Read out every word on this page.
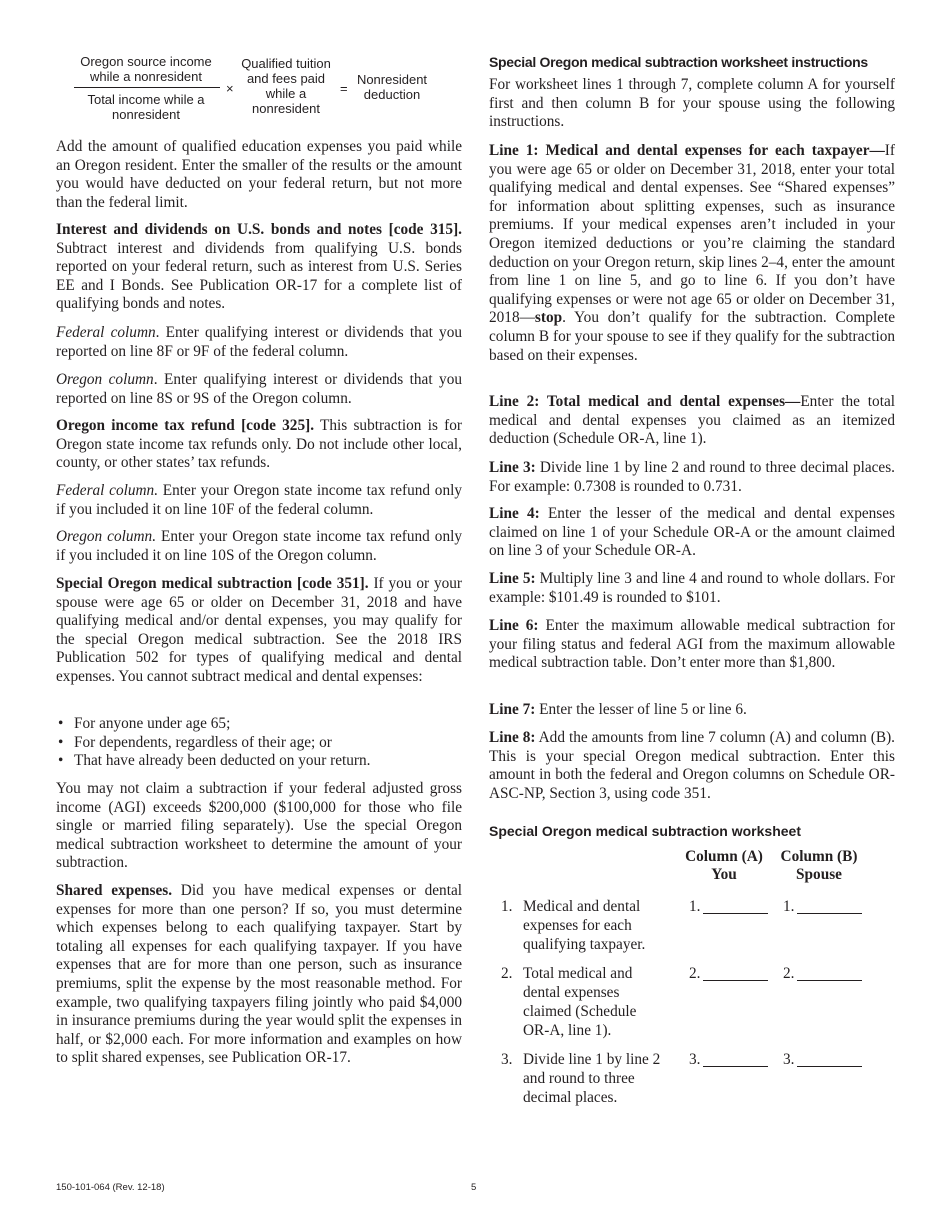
Oregon source income while a nonresident
Total income while a nonresident
×
Qualified tuition and fees paid while a nonresident
=
Nonresident deduction

Add the amount of qualified education expenses you paid while an Oregon resident. Enter the smaller of the results or the amount you would have deducted on your federal return, but not more than the federal limit.

Interest and dividends on U.S. bonds and notes [code 315]. Subtract interest and dividends from qualifying U.S. bonds reported on your federal return, such as interest from U.S. Series EE and I Bonds. See Publication OR-17 for a complete list of qualifying bonds and notes.

Federal column. Enter qualifying interest or dividends that you reported on line 8F or 9F of the federal column.

Oregon column. Enter qualifying interest or dividends that you reported on line 8S or 9S of the Oregon column.

Oregon income tax refund [code 325]. This subtraction is for Oregon state income tax refunds only. Do not include other local, county, or other states’ tax refunds.

Federal column. Enter your Oregon state income tax refund only if you included it on line 10F of the federal column.

Oregon column. Enter your Oregon state income tax refund only if you included it on line 10S of the Oregon column.

Special Oregon medical subtraction [code 351]. If you or your spouse were age 65 or older on December 31, 2018 and have qualifying medical and/or dental expenses, you may qualify for the special Oregon medical subtraction. See the 2018 IRS Publication 502 for types of qualifying medical and dental expenses. You cannot subtract medical and dental expenses:

• For anyone under age 65;
• For dependents, regardless of their age; or
• That have already been deducted on your return.

You may not claim a subtraction if your federal adjusted gross income (AGI) exceeds $200,000 ($100,000 for those who file single or married filing separately). Use the special Oregon medical subtraction worksheet to determine the amount of your subtraction.

Shared expenses. Did you have medical expenses or dental expenses for more than one person? If so, you must determine which expenses belong to each qualifying taxpayer. Start by totaling all expenses for each qualifying taxpayer. If you have expenses that are for more than one person, such as insurance premiums, split the expense by the most reasonable method. For example, two qualifying taxpayers filing jointly who paid $4,000 in insurance premiums during the year would split the expenses in half, or $2,000 each. For more information and examples on how to split shared expenses, see Publication OR-17.

Special Oregon medical subtraction worksheet instructions

For worksheet lines 1 through 7, complete column A for yourself first and then column B for your spouse using the following instructions.

Line 1: Medical and dental expenses for each taxpayer—If you were age 65 or older on December 31, 2018, enter your total qualifying medical and dental expenses. See “Shared expenses” for information about splitting expenses, such as insurance premiums. If your medical expenses aren’t included in your Oregon itemized deductions or you’re claiming the standard deduction on your Oregon return, skip lines 2–4, enter the amount from line 1 on line 5, and go to line 6. If you don’t have qualifying expenses or were not age 65 or older on December 31, 2018—stop. You don’t qualify for the subtraction. Complete column B for your spouse to see if they qualify for the subtraction based on their expenses.

Line 2: Total medical and dental expenses—Enter the total medical and dental expenses you claimed as an itemized deduction (Schedule OR-A, line 1).

Line 3: Divide line 1 by line 2 and round to three decimal places. For example: 0.7308 is rounded to 0.731.

Line 4: Enter the lesser of the medical and dental expenses claimed on line 1 of your Schedule OR-A or the amount claimed on line 3 of your Schedule OR-A.

Line 5: Multiply line 3 and line 4 and round to whole dollars. For example: $101.49 is rounded to $101.

Line 6: Enter the maximum allowable medical subtraction for your filing status and federal AGI from the maximum allowable medical subtraction table. Don’t enter more than $1,800.

Line 7: Enter the lesser of line 5 or line 6.

Line 8: Add the amounts from line 7 column (A) and column (B). This is your special Oregon medical subtraction. Enter this amount in both the federal and Oregon columns on Schedule OR-ASC-NP, Section 3, using code 351.

Special Oregon medical subtraction worksheet

Column (A)
You
Column (B)
Spouse
1. Medical and dental expenses for each qualifying taxpayer.
1.	1.
2. Total medical and dental expenses claimed (Schedule OR-A, line 1).
2.	2.
3. Divide line 1 by line 2 and round to three decimal places.
3.	3.
150-101-064 (Rev. 12-18)	5
